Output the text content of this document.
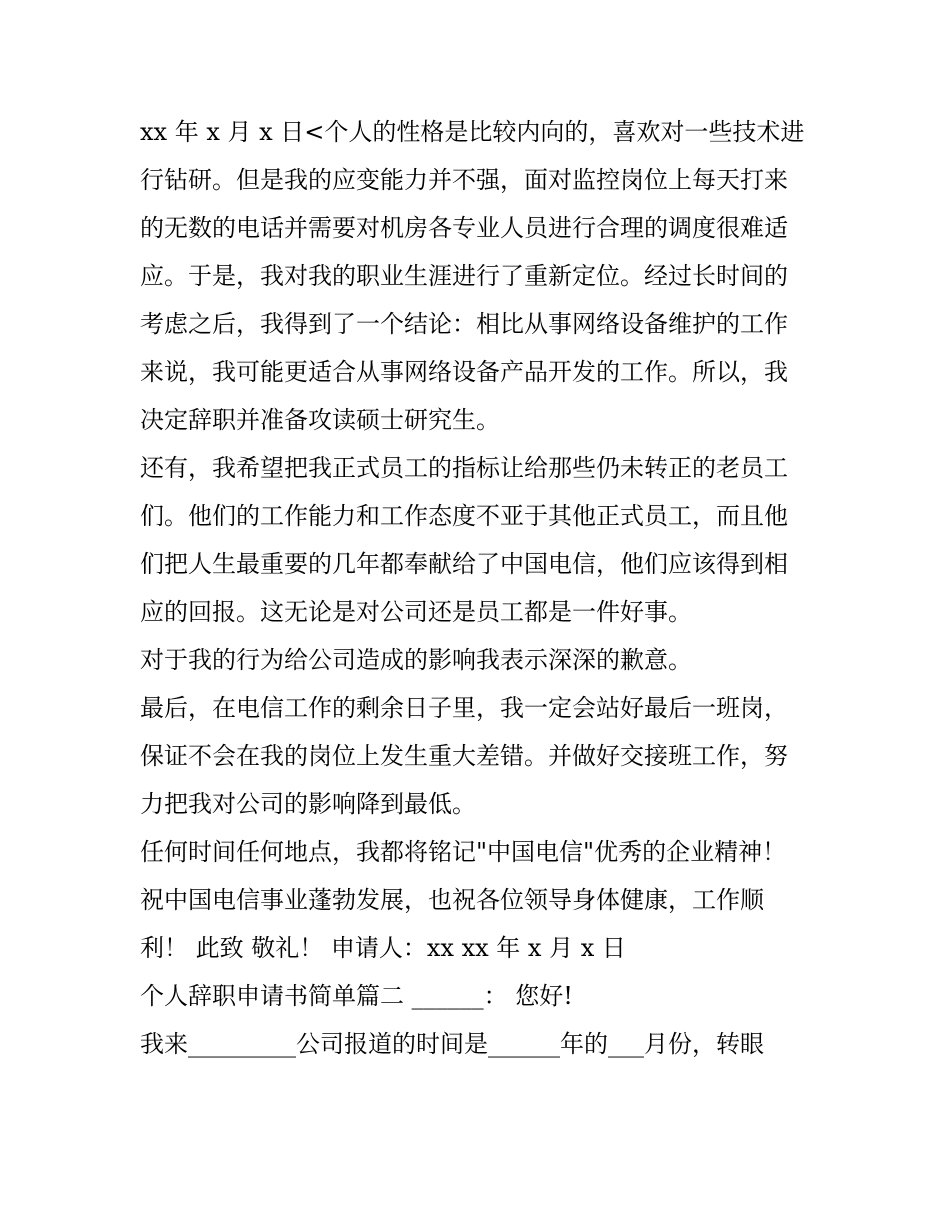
xx 年 x 月 x 日<个人的性格是比较内向的，喜欢对一些技术进
行钻研。但是我的应变能力并不强，面对监控岗位上每天打来
的无数的电话并需要对机房各专业人员进行合理的调度很难适
应。于是，我对我的职业生涯进行了重新定位。经过长时间的
考虑之后，我得到了一个结论：相比从事网络设备维护的工作
来说，我可能更适合从事网络设备产品开发的工作。所以，我
决定辞职并准备攻读硕士研究生。
还有，我希望把我正式员工的指标让给那些仍未转正的老员工
们。他们的工作能力和工作态度不亚于其他正式员工，而且他
们把人生最重要的几年都奉献给了中国电信，他们应该得到相
应的回报。这无论是对公司还是员工都是一件好事。
对于我的行为给公司造成的影响我表示深深的歉意。
最后，在电信工作的剩余日子里，我一定会站好最后一班岗，
保证不会在我的岗位上发生重大差错。并做好交接班工作，努
力把我对公司的影响降到最低。
任何时间任何地点，我都将铭记"中国电信"优秀的企业精神！
祝中国电信事业蓬勃发展，也祝各位领导身体健康，工作顺
利！ 此致 敬礼！ 申请人：xx xx 年 x 月 x 日
个人辞职申请书简单篇二 ______： 您好!
我来_________公司报道的时间是______年的___月份，转眼
